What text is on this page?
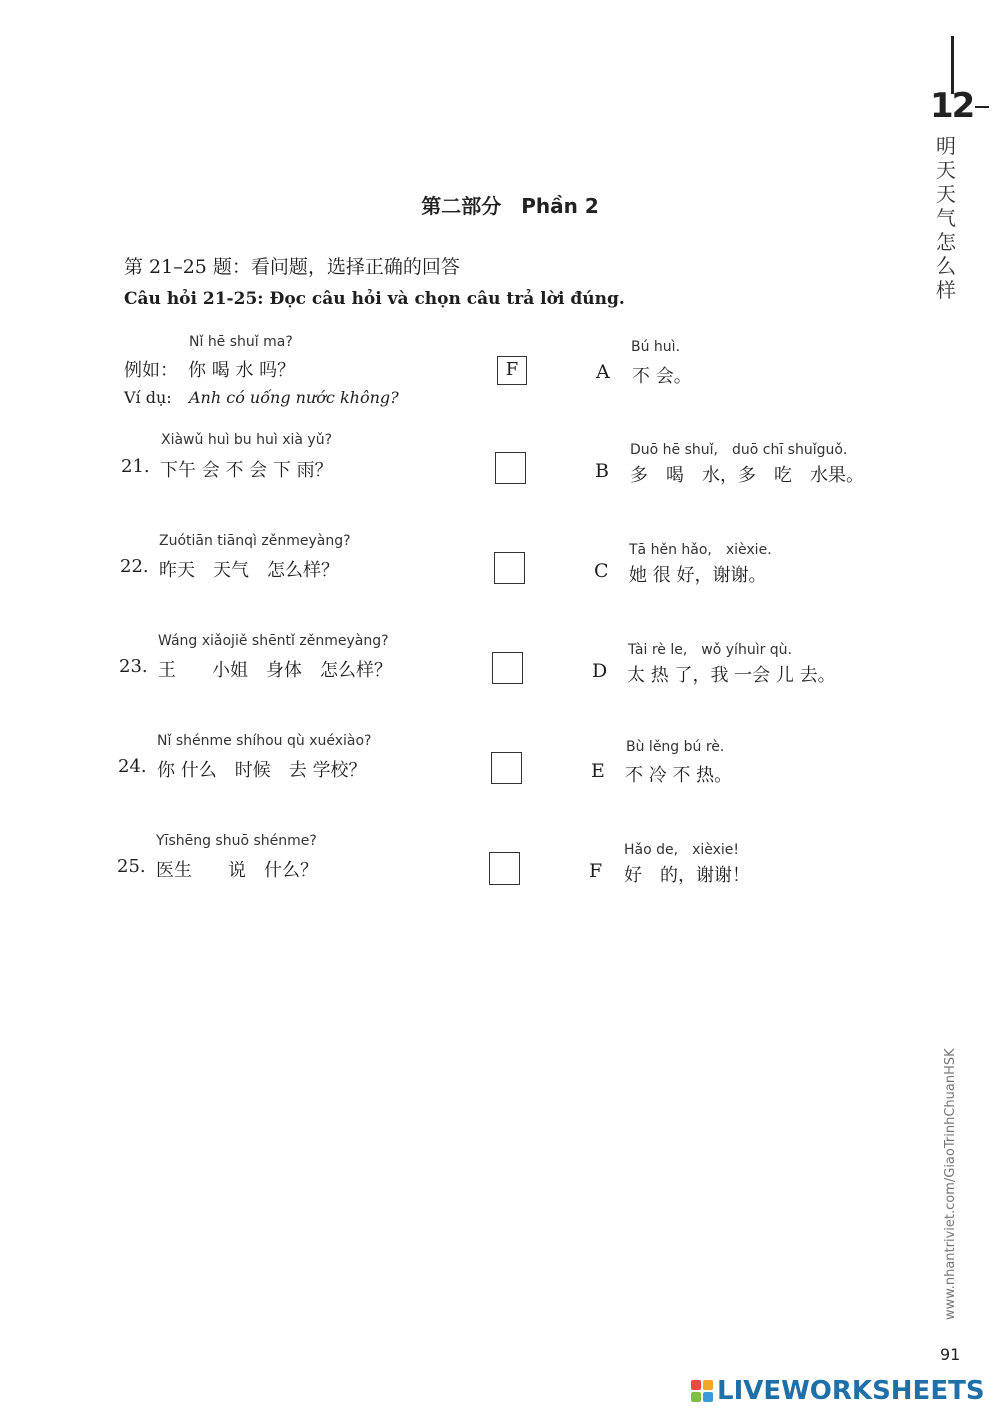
12
明天天气怎么样
第二部分　Phần 2
第 21–25 题：看问题，选择正确的回答
Câu hỏi 21-25: Đọc câu hỏi và chọn câu trả lời đúng.
Nǐ hē shuǐ ma?
例如： 你 喝 水 吗？
Ví dụ: Anh có uống nước không?
F
Xiàwǔ huì bu huì xià yǔ?
21. 下午 会 不 会 下 雨？
Zuótiān tiānqì zěnmeyàng?
22. 昨天　天气　怎么样？
Wáng xiǎojiě shēntǐ zěnmeyàng?
23. 王　　小姐　身体　怎么样？
Nǐ shénme shíhou qù xuéxiào?
24. 你 什么　时候　去 学校？
Yīshēng shuō shénme?
25. 医生　　说　什么？
Bú huì.
A 不 会。
Duō hē shuǐ,　duō chī shuǐguǒ.
B 多　喝　水，多　吃　水果。
Tā hěn hǎo,　xièxie.
C 她 很 好，谢谢。
Tài rè le,　wǒ yíhuìr qù.
D 太 热 了，我 一会 儿 去。
Bù lěng bú rè.
E 不 冷 不 热。
Hǎo de,　xièxie!
F 好　的，谢谢！
www.nhantriviet.com/GiaoTrinhChuanHSK
91
LIVEWORKSHEETS
